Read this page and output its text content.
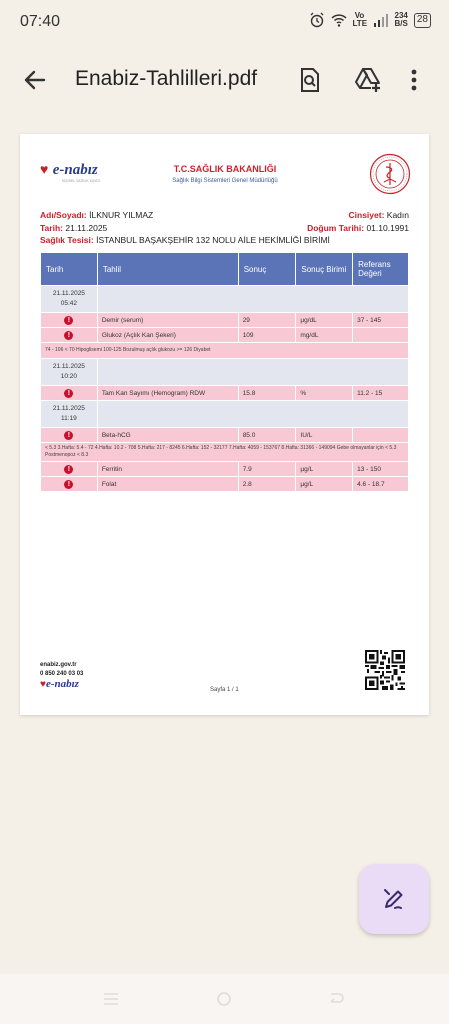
07:40	Vo LTE
234
B/S 28
Enabiz-Tahlilleri.pdf
♥ e-nabız
KİŞİSEL SAĞLIK KAYDI
T.C.SAĞLIK BAKANLIĞI
Sağlık Bilgi Sistemleri Genel Müdürlüğü
Adı/Soyadı: İLKNUR YILMAZ	Cinsiyet: Kadın
Tarih: 21.11.2025	Doğum Tarihi: 01.10.1991
Sağlık Tesisi: İSTANBUL BAŞAKŞEHİR 132 NOLU AİLE HEKİMLİĞİ BİRİMİ
Tarih	Tahlil	Sonuç	Sonuç Birimi	Referans Değeri
21.11.2025
05:42				
!	Demir (serum)	29	µg/dL	37 - 145
!	Glukoz (Açlık Kan Şekeri)	109	mg/dL	
74 - 106 < 70 Hipoglisemi 100-125 Bozulmuş açlık glukozu >= 126 Diyabet				
21.11.2025
10:20				
!	Tam Kan Sayımı (Hemogram) RDW	15.8	%	11.2 - 15
21.11.2025
11:19				
!	Beta-hCG	85.0	IU/L	
< 5.3 3.Hafta: 5.4 - 72 4.Hafta: 10.2 - 708 5.Hafta: 217 - 8245 6.Hafta: 152 - 32177 7.Hafta: 4059 - 153767 8.Hafta: 31366 - 149094 Gebe olmayanlar için < 5.3 Postmenopoz < 8.3				
!	Ferritin	7.9	µg/L	13 - 150
!	Folat	2.8	µg/L	4.6 - 18.7
enabiz.gov.tr
0 850 240 03 03
♥e-nabız	Sayfa 1 / 1
